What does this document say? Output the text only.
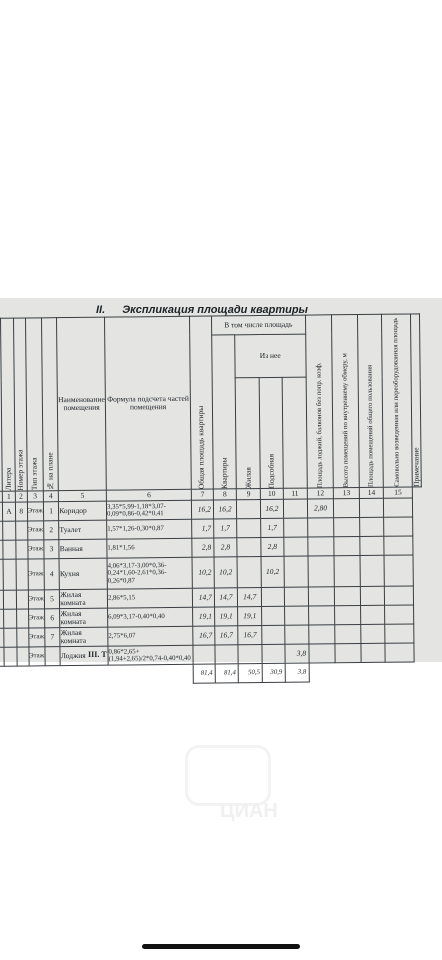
II. Экспликация площади квартиры

	Литера	Номер этажа	Тип этажа	№ на плане	Наименование помещения	Формула подсчета частей помещения	Общая площадь квартиры	В том числе площадь				Площадь лоджий, балконов без попр. коэф.	Высота помещений по внутреннему обмеру, м	Площадь помещений общего пользования	Самовольно возведенная или переоборудованная площадь	Примечание

								Квартиры	Из нее							

									Жилая	Подсобная						

	1	2	3	4	5	6	7	8	9	10	11	12	13	14	15	
	А	8	Этаж	1	Коридор	3,35*5,99-1,18*3,07-0,09*0,86-0,42*0,41	16,2	16,2		16,2		2,80				
			Этаж	2	Туалет	1,57*1,26-0,30*0,87	1,7	1,7		1,7						
			Этаж	3	Ванная	1,81*1,56	2,8	2,8		2,8						
			Этаж	4	Кухня	4,06*3,17-3,00*0,36-0,24*1,60-2,61*0,36-0,26*0,87	10,2	10,2		10,2						
			Этаж	5	Жилая комната	2,86*5,15	14,7	14,7	14,7							
			Этаж	6	Жилая комната	6,09*3,17-0,40*0,40	19,1	19,1	19,1							
			Этаж	7	Жилая комната	2,75*6,07	16,7	16,7	16,7							
			Этаж		Лоджия	0,86*2,65+(1,94+2,65)/2*0,74-0,40*0,40					3,8					
							81,4	81,4	50,5	30,9	3,8					
III. Т
ЦИАН
